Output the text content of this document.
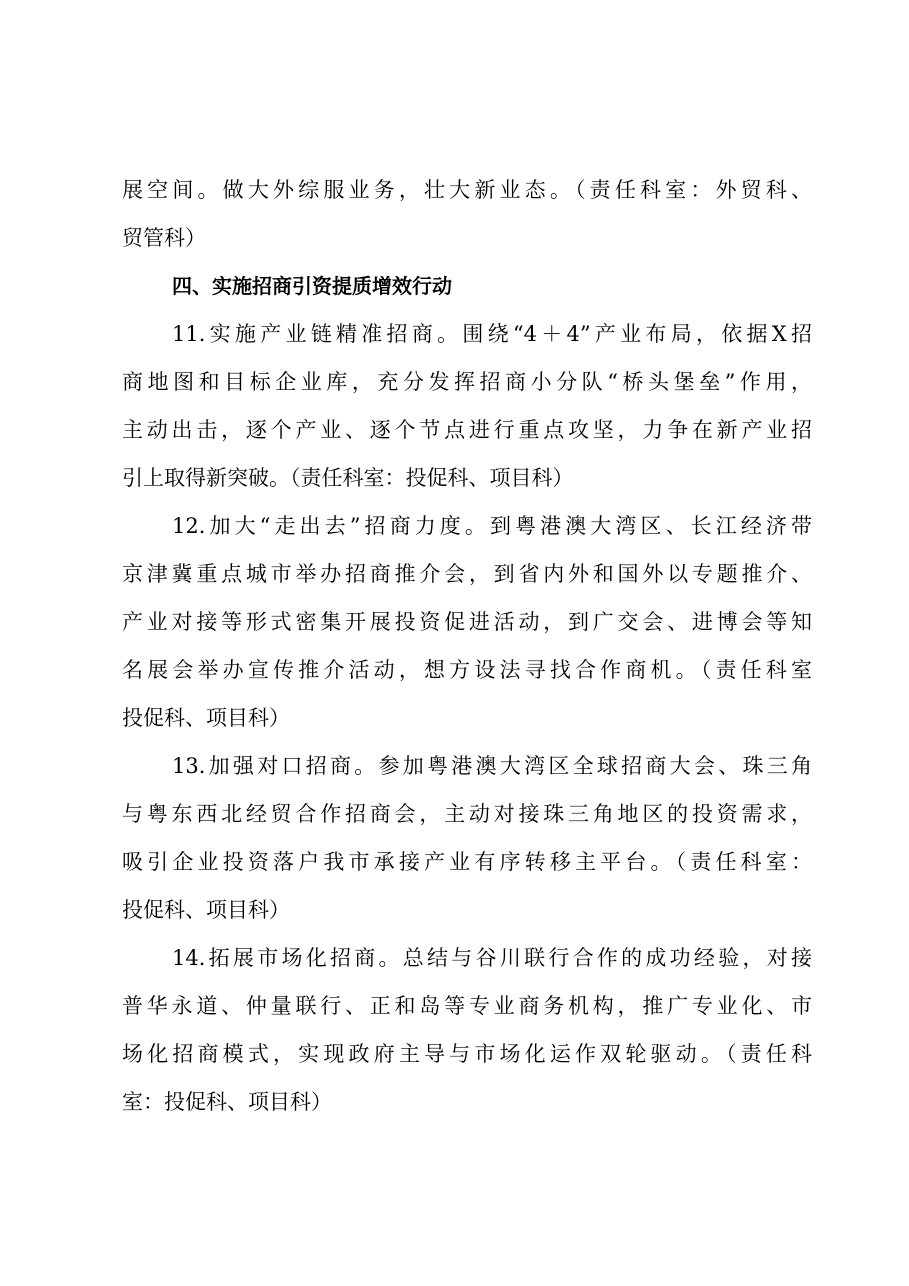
展空间。做大外综服业务，壮大新业态。（责任科室：外贸科、
贸管科）
四、实施招商引资提质增效行动
11.实施产业链精准招商。围绕“4＋4”产业布局，依据X招
商地图和目标企业库，充分发挥招商小分队“桥头堡垒”作用，
主动出击，逐个产业、逐个节点进行重点攻坚，力争在新产业招
引上取得新突破。（责任科室：投促科、项目科）
12.加大“走出去”招商力度。到粤港澳大湾区、长江经济带
京津冀重点城市举办招商推介会，到省内外和国外以专题推介、
产业对接等形式密集开展投资促进活动，到广交会、进博会等知
名展会举办宣传推介活动，想方设法寻找合作商机。（责任科室
投促科、项目科）
13.加强对口招商。参加粤港澳大湾区全球招商大会、珠三角
与粤东西北经贸合作招商会，主动对接珠三角地区的投资需求，
吸引企业投资落户我市承接产业有序转移主平台。（责任科室：
投促科、项目科）
14.拓展市场化招商。总结与谷川联行合作的成功经验，对接
普华永道、仲量联行、正和岛等专业商务机构，推广专业化、市
场化招商模式，实现政府主导与市场化运作双轮驱动。（责任科
室：投促科、项目科）
